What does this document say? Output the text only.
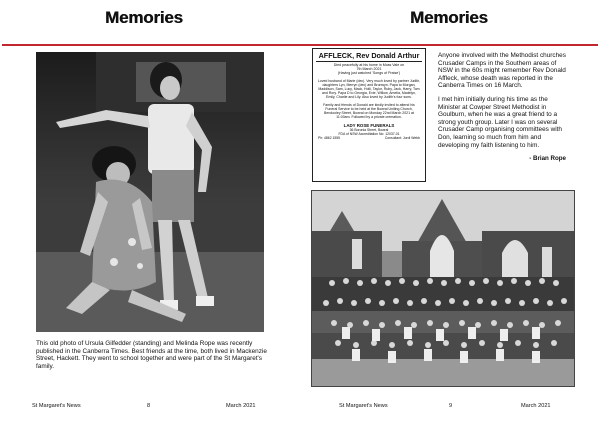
Memories
This old photo of Ursula Gilfedder (standing) and Melinda Rope was recently published in the Canberra Times. Best friends at the time, both lived in Mackenzie Street, Hackett. They went to school together and were part of the St Margaret's family.
St Margaret's News	8	March 2021
Memories
AFFLECK, Rev Donald Arthur
Died peacefully at his home in Moss Vale on
7th March 2021
(Having just watched 'Songs of Praise')
Loved husband of Marie (dec). Very much loved by partner Judith, daughters Lyn, Merryn (dec) and Bronwyn. Papa to Morgan, Maddison, Sam, Lucy, Mack, Holli, Taylor, Ruby, Jack, Harry, Tom and Rory. Papa D to Georgia, Evie, Willow, Amelia, Madelyn, Emily, Charlie and Lily. Also loved by Judith's four sons.
Family and friends of Donald are kindly invited to attend his Funeral Service to be held at the Bowral Uniting Church, Bendooley Street, Bowral on Monday 22nd March 2021 at 11:00am. Followed by a private cremation.
LADY ROSE FUNERALS
36 Boronia Street, Bowral
FDA of NSW Accreditation No: 12037-01
Ph: 4862 1555	Consultant: Jordi Webb

Anyone involved with the Methodist churches Crusader Camps in the Southern areas of NSW in the 60s might remember Rev Donald Affleck, whose death was reported in the Canberra Times on 16 March.

I met him initially during his time as the Minister at Cowper Street Methodist in Goulburn, when he was a great friend to a strong youth group. Later I was on several Crusader Camp organising committees with Don, learning so much from him and developing my faith listening to him.

- Brian Rope
St Margaret's News	9	March 2021
